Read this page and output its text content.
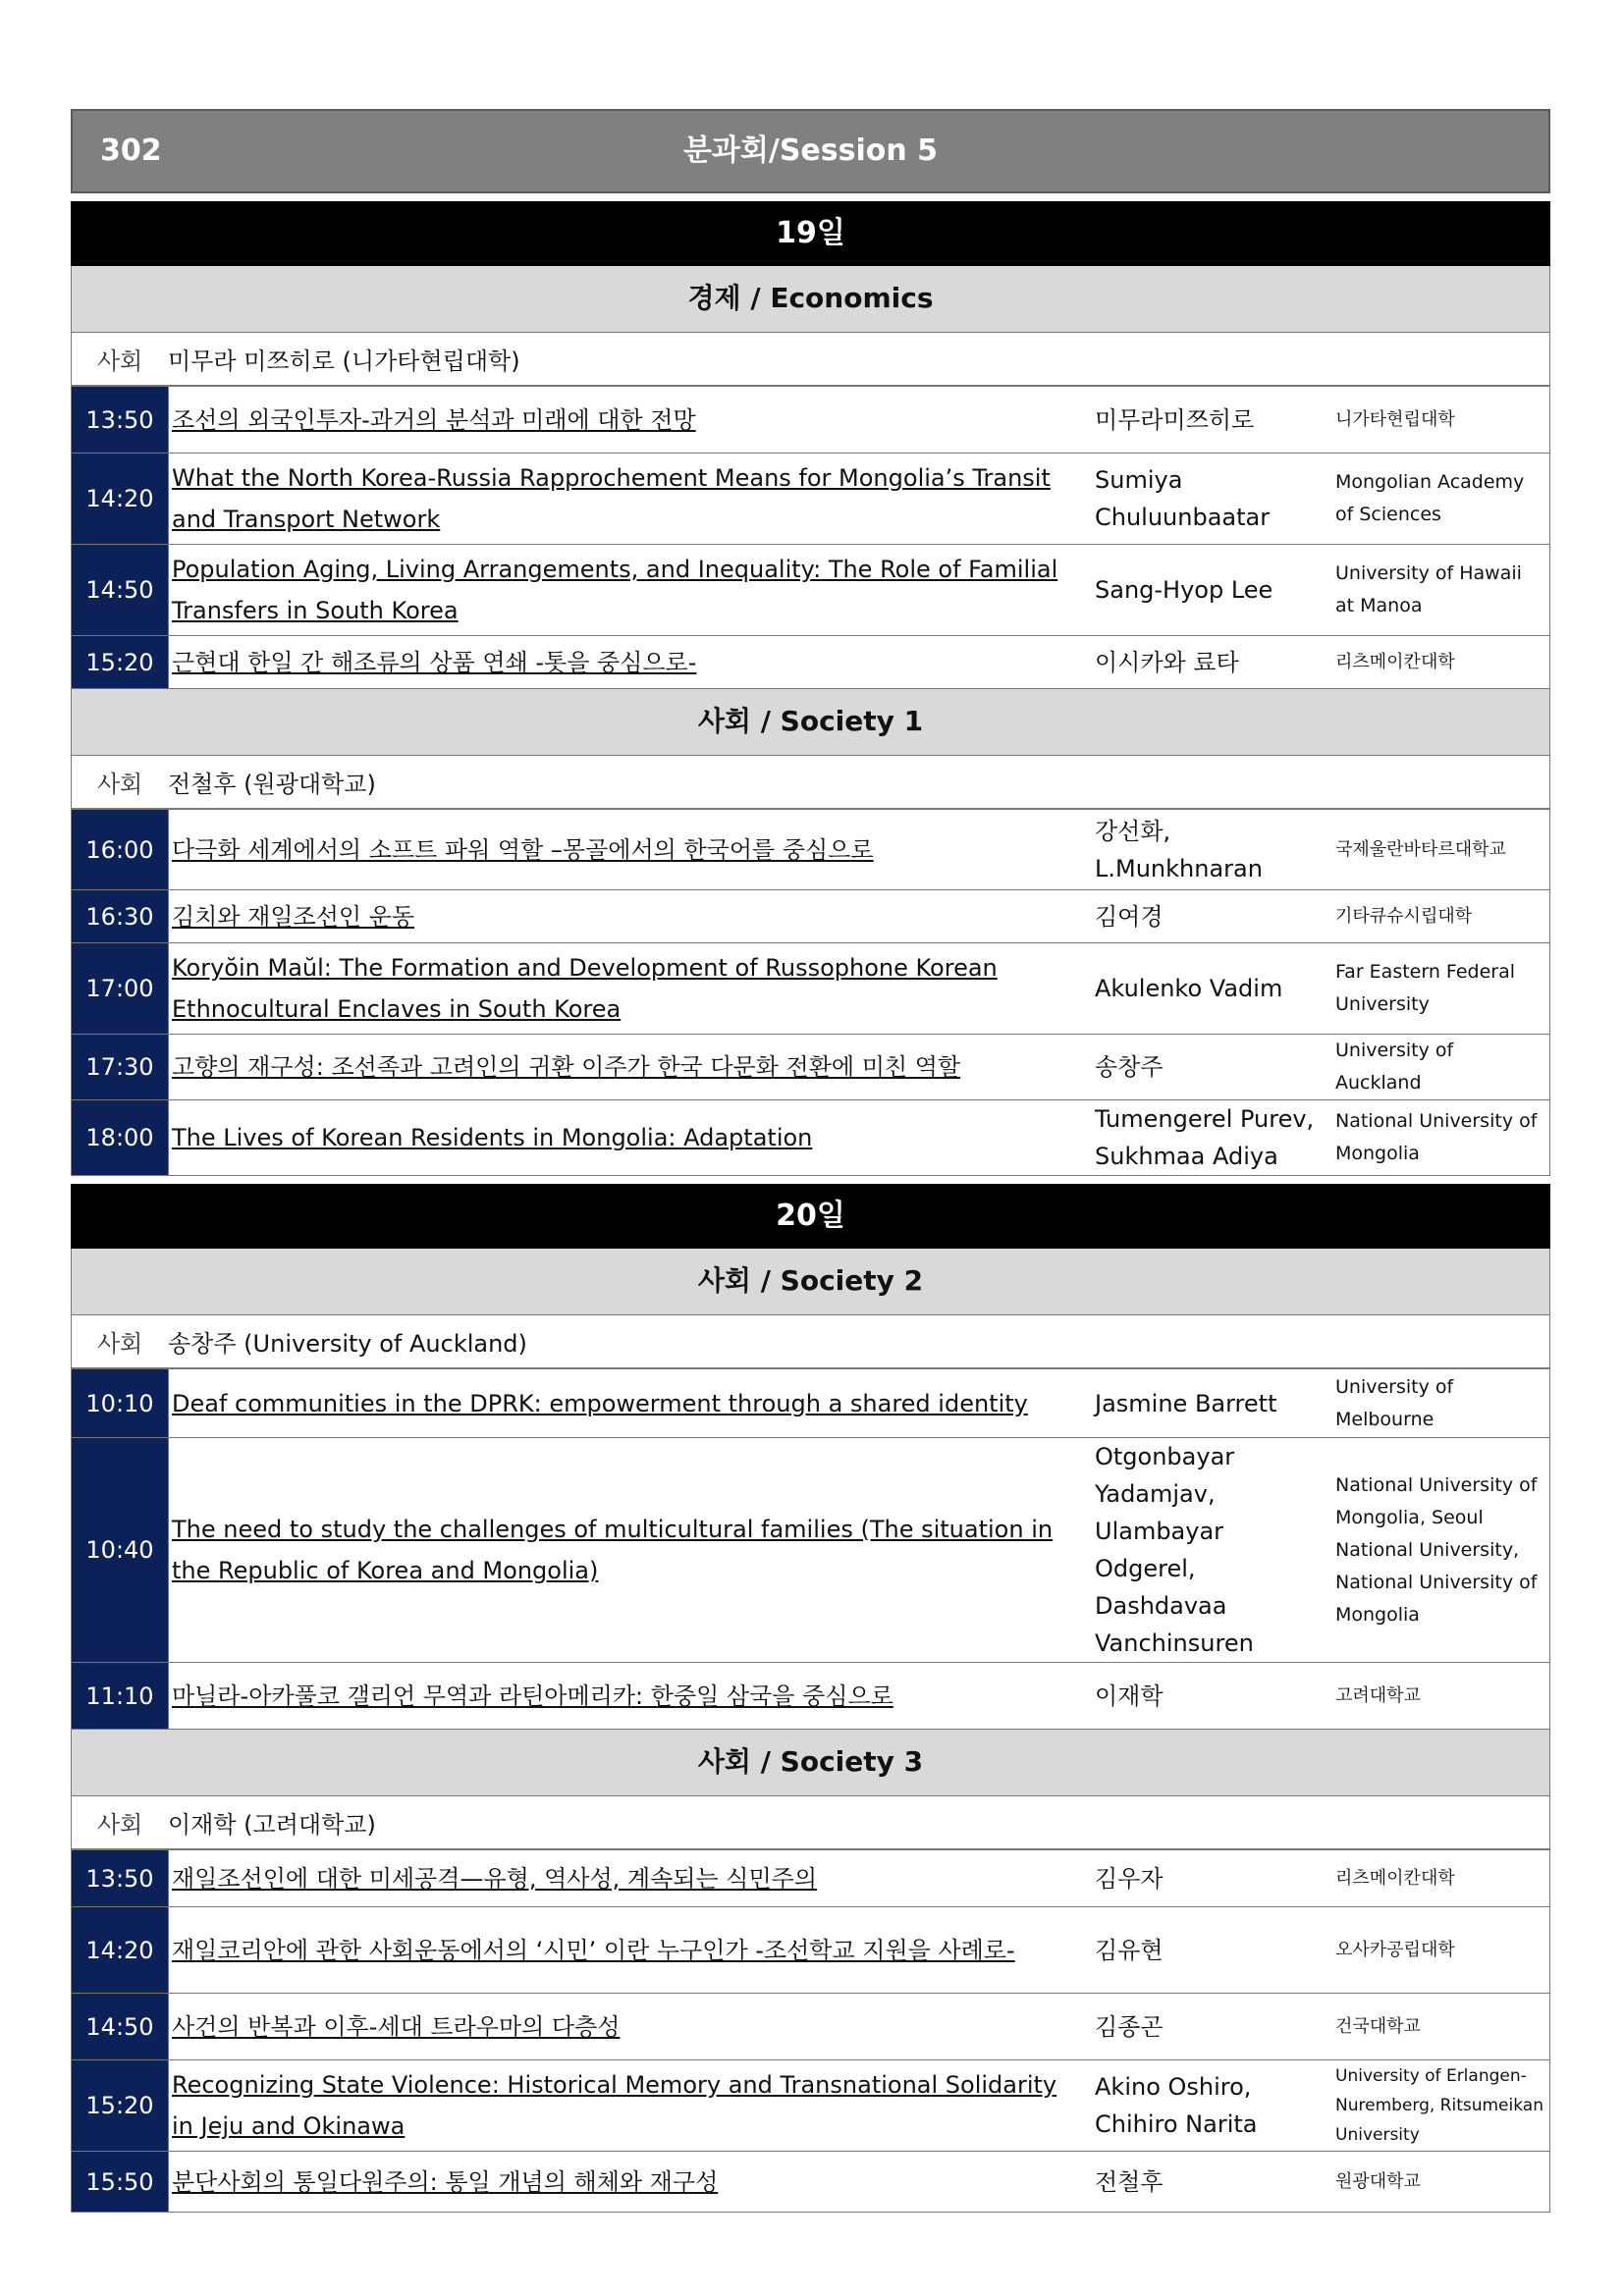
302	분과회/Session 5
19일
경제 / Economics
사회	미무라 미쯔히로 (니가타현립대학)
13:50	조선의 외국인투자-과거의 분석과 미래에 대한 전망	미무라미쯔히로	니가타현립대학
14:20	What the North Korea-Russia Rapprochement Means for Mongolia’s Transit and Transport Network	Sumiya Chuluunbaatar	Mongolian Academy of Sciences
14:50	Population Aging, Living Arrangements, and Inequality: The Role of Familial Transfers in South Korea	Sang-Hyop Lee	University of Hawaii at Manoa
15:20	근현대 한일 간 해조류의 상품 연쇄 -톳을 중심으로-	이시카와 료타	리츠메이칸대학
사회 / Society 1
사회	전철후 (원광대학교)
16:00	다극화 세계에서의 소프트 파워 역할 –몽골에서의 한국어를 중심으로	강선화, L.Munkhnaran	국제울란바타르대학교
16:30	김치와 재일조선인 운동	김여경	기타큐슈시립대학
17:00	Koryŏin Maŭl: The Formation and Development of Russophone Korean Ethnocultural Enclaves in South Korea	Akulenko Vadim	Far Eastern Federal University
17:30	고향의 재구성: 조선족과 고려인의 귀환 이주가 한국 다문화 전환에 미친 역할	송창주	University of Auckland
18:00	The Lives of Korean Residents in Mongolia: Adaptation	Tumengerel Purev, Sukhmaa Adiya	National University of Mongolia
20일
사회 / Society 2
사회	송창주 (University of Auckland)
10:10	Deaf communities in the DPRK: empowerment through a shared identity	Jasmine Barrett	University of Melbourne
10:40	The need to study the challenges of multicultural families (The situation in the Republic of Korea and Mongolia)	Otgonbayar Yadamjav, Ulambayar Odgerel, Dashdavaa Vanchinsuren	National University of Mongolia, Seoul National University, National University of Mongolia
11:10	마닐라-아카풀코 갤리언 무역과 라틴아메리카: 한중일 삼국을 중심으로	이재학	고려대학교
사회 / Society 3
사회	이재학 (고려대학교)
13:50	재일조선인에 대한 미세공격—유형, 역사성, 계속되는 식민주의	김우자	리츠메이칸대학
14:20	재일코리안에 관한 사회운동에서의 ‘시민’ 이란 누구인가 -조선학교 지원을 사례로-	김유현	오사카공립대학
14:50	사건의 반복과 이후-세대 트라우마의 다층성	김종곤	건국대학교
15:20	Recognizing State Violence: Historical Memory and Transnational Solidarity in Jeju and Okinawa	Akino Oshiro, Chihiro Narita	University of Erlangen-Nuremberg, Ritsumeikan University
15:50	분단사회의 통일다원주의: 통일 개념의 해체와 재구성	전철후	원광대학교
